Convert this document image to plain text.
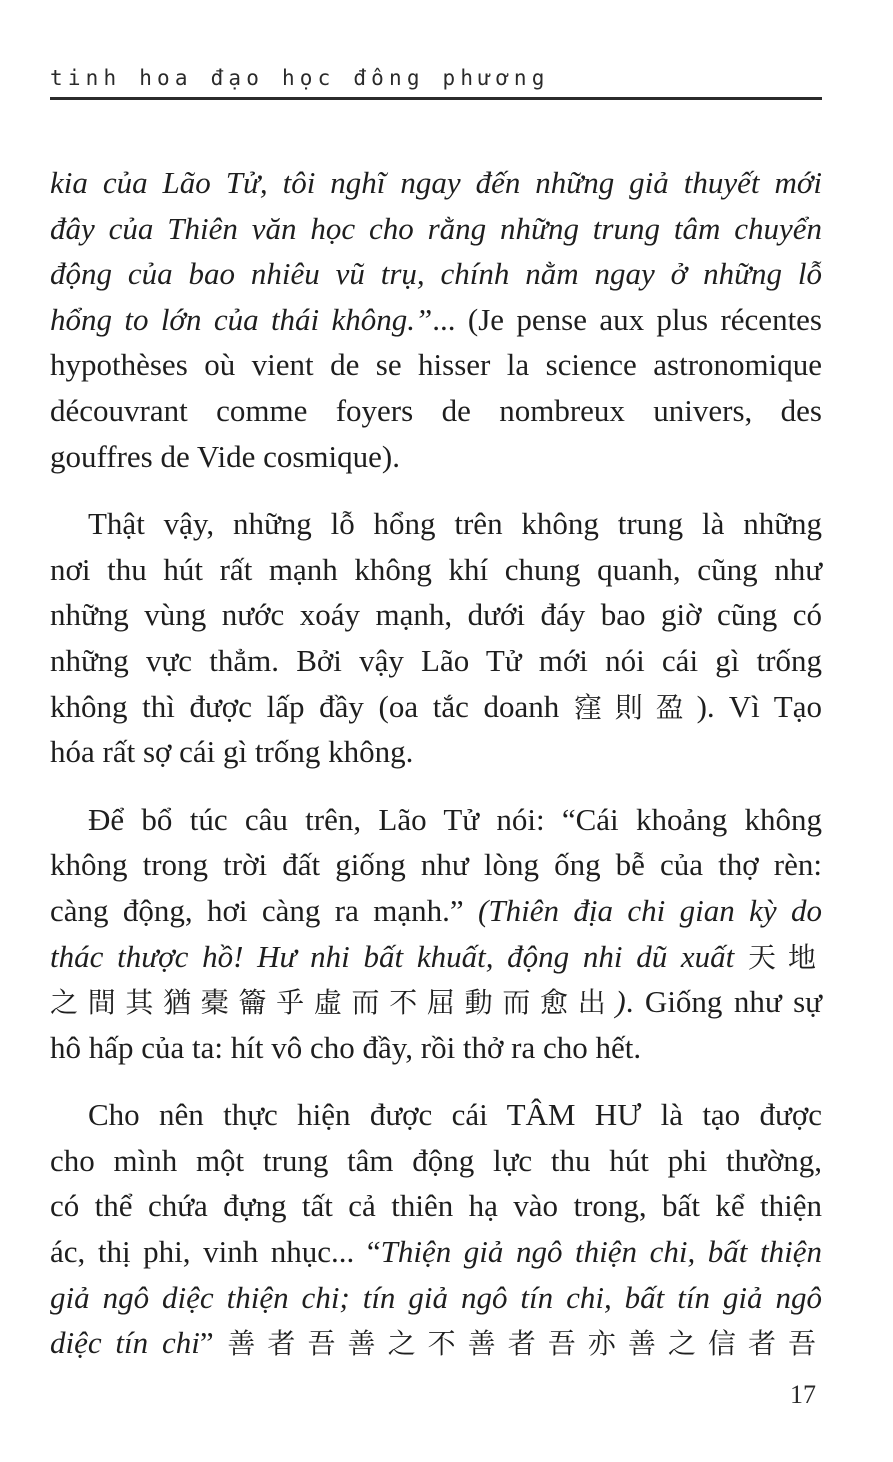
tinh hoa đạo học đông phương
kia của Lão Tử, tôi nghĩ ngay đến những giả thuyết mới
đây của Thiên văn học cho rằng những trung tâm chuyển
động của bao nhiêu vũ trụ, chính nằm ngay ở những lỗ
hổng to lớn của thái không.”... (Je pense aux plus récentes
hypothèses où vient de se hisser la science astronomique
découvrant comme foyers de nombreux univers, des
gouffres de Vide cosmique).
Thật vậy, những lỗ hổng trên không trung là những
nơi thu hút rất mạnh không khí chung quanh, cũng như
những vùng nước xoáy mạnh, dưới đáy bao giờ cũng có
những vực thẳm. Bởi vậy Lão Tử mới nói cái gì trống
không thì được lấp đầy (oa tắc doanh 窪則盈). Vì Tạo
hóa rất sợ cái gì trống không.
Để bổ túc câu trên, Lão Tử nói: “Cái khoảng không
không trong trời đất giống như lòng ống bễ của thợ rèn:
càng động, hơi càng ra mạnh.” (Thiên địa chi gian kỳ do
thác thược hồ! Hư nhi bất khuất, động nhi dũ xuất 天地
之間其猶橐籥乎虛而不屈動而愈出). Giống như sự
hô hấp của ta: hít vô cho đầy, rồi thở ra cho hết.
Cho nên thực hiện được cái TÂM HƯ là tạo được
cho mình một trung tâm động lực thu hút phi thường,
có thể chứa đựng tất cả thiên hạ vào trong, bất kể thiện
ác, thị phi, vinh nhục... “Thiện giả ngô thiện chi, bất thiện
giả ngô diệc thiện chi; tín giả ngô tín chi, bất tín giả ngô
diệc tín chi” 善者吾善之不善者吾亦善之信者吾
17
